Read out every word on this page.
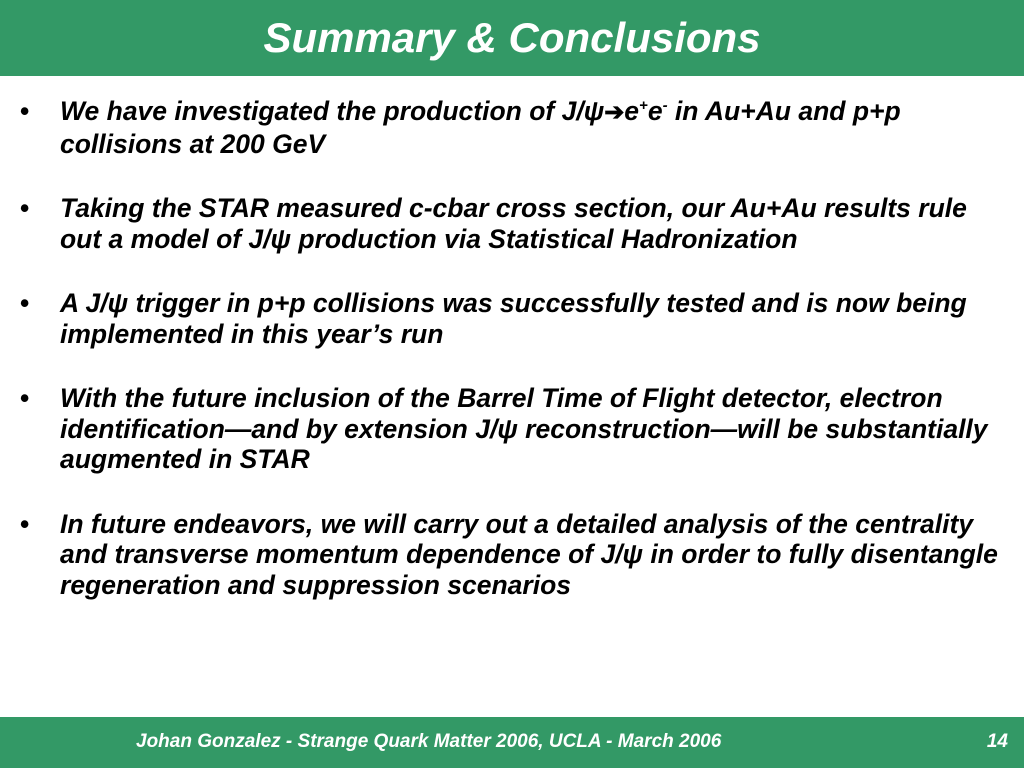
Summary & Conclusions
• We have investigated the production of J/ψ➔e+e- in Au+Au and p+p collisions at 200 GeV
• Taking the STAR measured c-cbar cross section, our Au+Au results rule out a model of J/ψ production via Statistical Hadronization
• A J/ψ trigger in p+p collisions was successfully tested and is now being implemented in this year’s run
• With the future inclusion of the Barrel Time of Flight detector, electron identification—and by extension J/ψ reconstruction—will be substantially augmented in STAR
• In future endeavors, we will carry out a detailed analysis of the centrality and transverse momentum dependence of J/ψ in order to fully disentangle regeneration and suppression scenarios
Johan Gonzalez - Strange Quark Matter 2006, UCLA - March 2006	14
